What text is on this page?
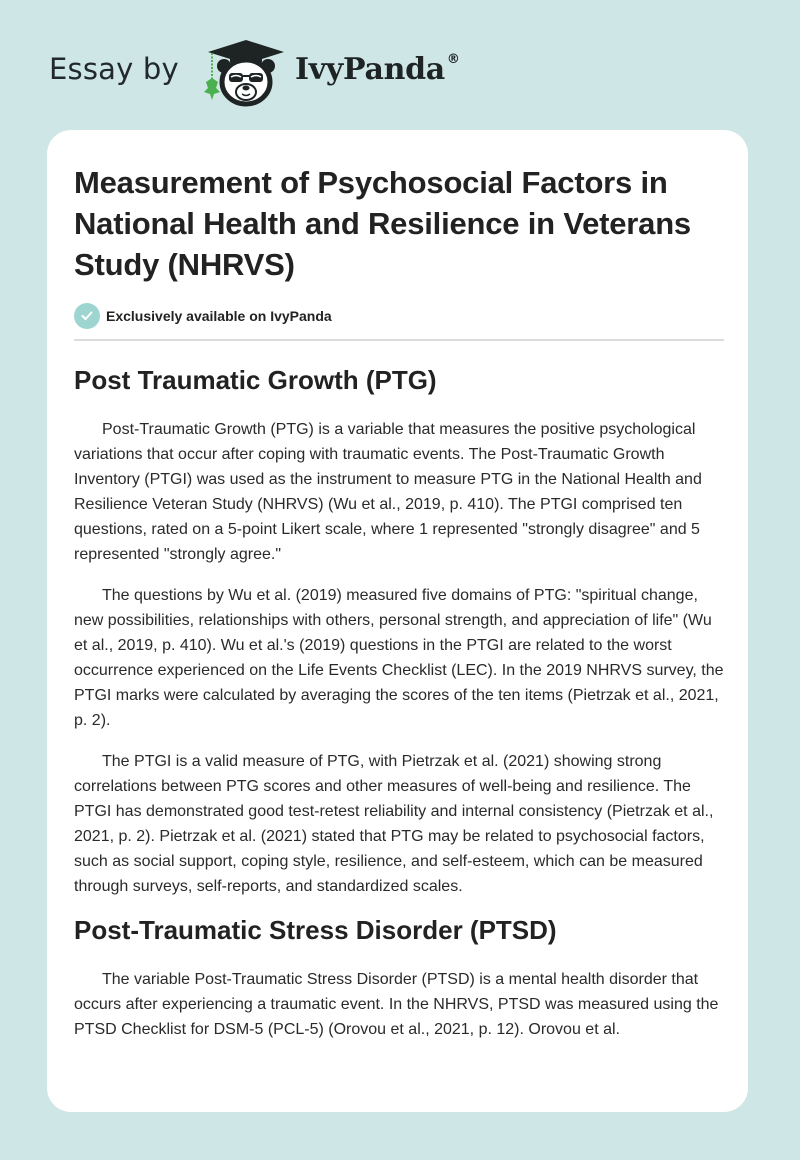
Essay by	IvyPanda ®
Measurement of Psychosocial Factors in National Health and Resilience in Veterans Study (NHRVS)
Exclusively available on IvyPanda
Post Traumatic Growth (PTG)

Post-Traumatic Growth (PTG) is a variable that measures the positive psychological variations that occur after coping with traumatic events. The Post-Traumatic Growth Inventory (PTGI) was used as the instrument to measure PTG in the National Health and Resilience Veteran Study (NHRVS) (Wu et al., 2019, p. 410). The PTGI comprised ten questions, rated on a 5-point Likert scale, where 1 represented "strongly disagree" and 5 represented "strongly agree."

The questions by Wu et al. (2019) measured five domains of PTG: "spiritual change, new possibilities, relationships with others, personal strength, and appreciation of life" (Wu et al., 2019, p. 410). Wu et al.'s (2019) questions in the PTGI are related to the worst occurrence experienced on the Life Events Checklist (LEC). In the 2019 NHRVS survey, the PTGI marks were calculated by averaging the scores of the ten items (Pietrzak et al., 2021, p. 2).

The PTGI is a valid measure of PTG, with Pietrzak et al. (2021) showing strong correlations between PTG scores and other measures of well-being and resilience. The PTGI has demonstrated good test-retest reliability and internal consistency (Pietrzak et al., 2021, p. 2). Pietrzak et al. (2021) stated that PTG may be related to psychosocial factors, such as social support, coping style, resilience, and self-esteem, which can be measured through surveys, self-reports, and standardized scales.

Post-Traumatic Stress Disorder (PTSD)

The variable Post-Traumatic Stress Disorder (PTSD) is a mental health disorder that occurs after experiencing a traumatic event. In the NHRVS, PTSD was measured using the PTSD Checklist for DSM-5 (PCL-5) (Orovou et al., 2021, p. 12). Orovou et al.
